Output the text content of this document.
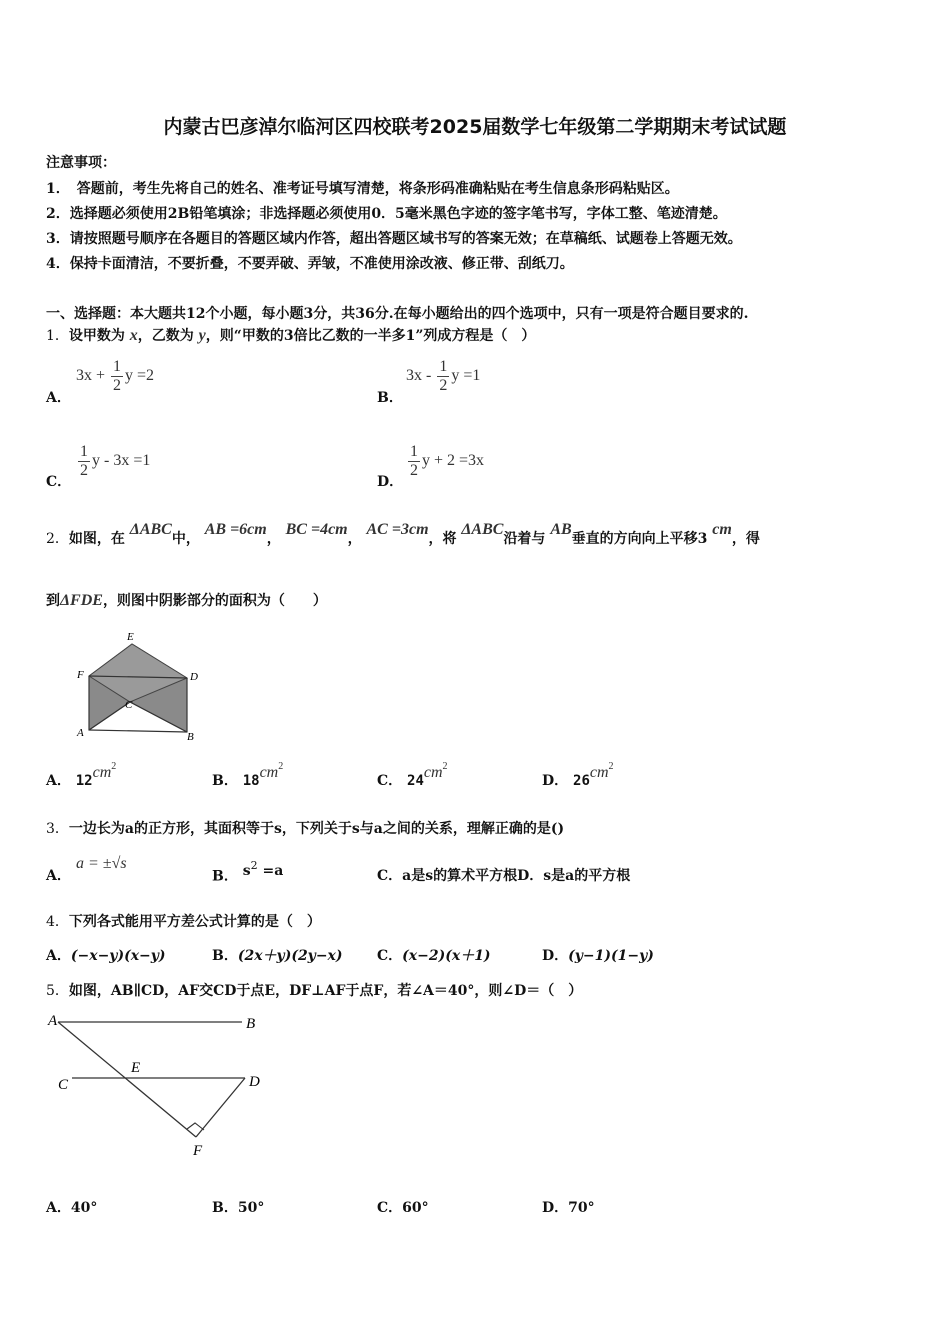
内蒙古巴彦淖尔临河区四校联考2025届数学七年级第二学期期末考试试题
注意事项：
1．　答题前，考生先将自己的姓名、准考证号填写清楚，将条形码准确粘贴在考生信息条形码粘贴区。
2．选择题必须使用2B铅笔填涂；非选择题必须使用0．5毫米黑色字迹的签字笔书写，字体工整、笔迹清楚。
3．请按照题号顺序在各题目的答题区域内作答，超出答题区域书写的答案无效；在草稿纸、试题卷上答题无效。
4．保持卡面清洁，不要折叠，不要弄破、弄皱，不准使用涂改液、修正带、刮纸刀。
一、选择题：本大题共12个小题，每小题3分，共36分.在每小题给出的四个选项中，只有一项是符合题目要求的.
1．设甲数为 x，乙数为 y，则“甲数的3倍比乙数的一半多1”列成方程是（　）
A．
$3x + \frac{1}{2}$ y =2
B．
$3x - \frac{1}{2}$ y =1
C．
$\frac{1}{2}$ y - 3x =1
D．
$\frac{1}{2}$ y + 2 =3x
2．如图，在 ΔABC中， AB =6cm， BC =4cm， AC =3cm，将 ΔABC沿着与 AB垂直的方向向上平移3 cm，得
到ΔFDE，则图中阴影部分的面积为（　　）
E
F	D
C
A	B
A． $12cm^2$
B． $18cm^2$
C． $24cm^2$
D． $26cm^2$
3．一边长为a的正方形，其面积等于s，下列关于s与a之间的关系，理解正确的是()
A．
a = ±√s
B． $s^2 =a$	C．a是s的算术平方根D．s是a的平方根
4．下列各式能用平方差公式计算的是（　）
A．(−x−y)(x−y)	B．(2x＋y)(2y−x) C．(x−2)(x＋1)	D．(y−1)(1−y)
5．如图，AB∥CD，AF交CD于点E，DF⊥AF于点F，若∠A＝40°，则∠D＝（　）
A	B
C	D
E
F
A．40°	B．50°	C．60°	D．70°
